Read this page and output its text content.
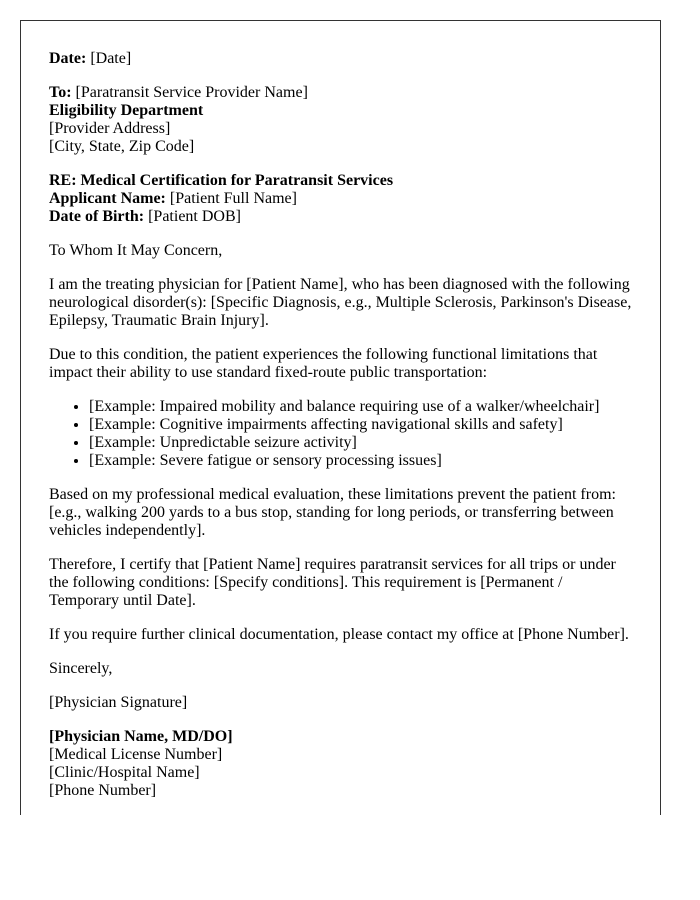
Date: [Date]

To: [Paratransit Service Provider Name]
Eligibility Department
[Provider Address]
[City, State, Zip Code]

RE: Medical Certification for Paratransit Services
Applicant Name: [Patient Full Name]
Date of Birth: [Patient DOB]

To Whom It May Concern,

I am the treating physician for [Patient Name], who has been diagnosed with the following neurological disorder(s): [Specific Diagnosis, e.g., Multiple Sclerosis, Parkinson's Disease, Epilepsy, Traumatic Brain Injury].

Due to this condition, the patient experiences the following functional limitations that impact their ability to use standard fixed-route public transportation:

• [Example: Impaired mobility and balance requiring use of a walker/wheelchair]
• [Example: Cognitive impairments affecting navigational skills and safety]
• [Example: Unpredictable seizure activity]
• [Example: Severe fatigue or sensory processing issues]

Based on my professional medical evaluation, these limitations prevent the patient from: [e.g., walking 200 yards to a bus stop, standing for long periods, or transferring between vehicles independently].

Therefore, I certify that [Patient Name] requires paratransit services for all trips or under the following conditions: [Specify conditions]. This requirement is [Permanent / Temporary until Date].

If you require further clinical documentation, please contact my office at [Phone Number].

Sincerely,

[Physician Signature]

[Physician Name, MD/DO]
[Medical License Number]
[Clinic/Hospital Name]
[Phone Number]
